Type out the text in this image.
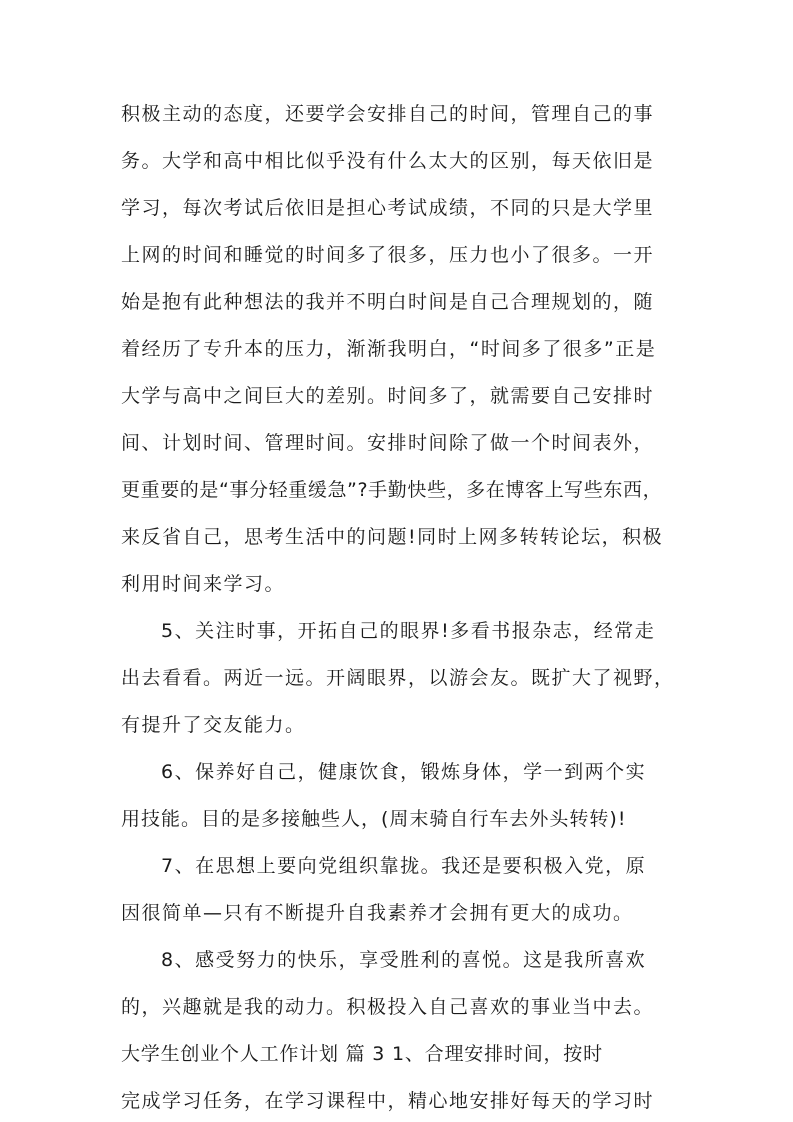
积极主动的态度，还要学会安排自己的时间，管理自己的事
务。大学和高中相比似乎没有什么太大的区别，每天依旧是
学习，每次考试后依旧是担心考试成绩，不同的只是大学里
上网的时间和睡觉的时间多了很多，压力也小了很多。一开
始是抱有此种想法的我并不明白时间是自己合理规划的，随
着经历了专升本的压力，渐渐我明白，“时间多了很多”正是
大学与高中之间巨大的差别。时间多了，就需要自己安排时
间、计划时间、管理时间。安排时间除了做一个时间表外，
更重要的是“事分轻重缓急”?手勤快些，多在博客上写些东西，
来反省自己，思考生活中的问题!同时上网多转转论坛，积极
利用时间来学习。
5、关注时事，开拓自己的眼界!多看书报杂志，经常走
出去看看。两近一远。开阔眼界，以游会友。既扩大了视野，
有提升了交友能力。
6、保养好自己，健康饮食，锻炼身体，学一到两个实
用技能。目的是多接触些人，(周末骑自行车去外头转转)!
7、在思想上要向党组织靠拢。我还是要积极入党，原
因很简单—只有不断提升自我素养才会拥有更大的成功。
8、感受努力的快乐，享受胜利的喜悦。这是我所喜欢
的，兴趣就是我的动力。积极投入自己喜欢的事业当中去。
大学生创业个人工作计划 篇 3 1、合理安排时间，按时
完成学习任务，在学习课程中，精心地安排好每天的学习时
